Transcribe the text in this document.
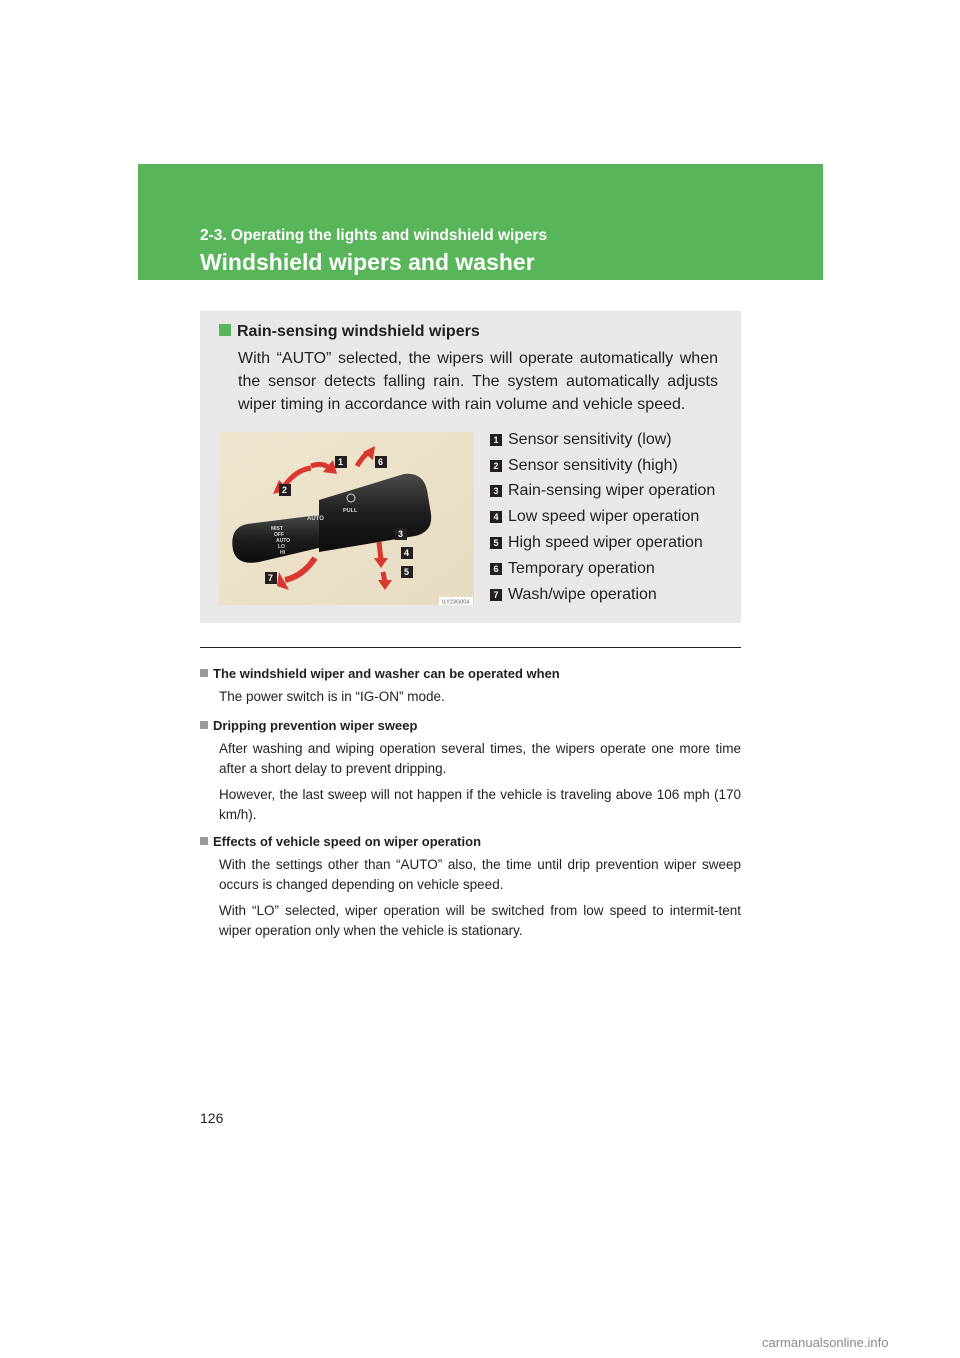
2-3. Operating the lights and windshield wipers
Windshield wipers and washer
Rain-sensing windshield wipers
With “AUTO” selected, the wipers will operate automatically when the sensor detects falling rain. The system automatically adjusts wiper timing in accordance with rain volume and vehicle speed.
MIST
OFF
AUTO
LO
HI
AUTO
PULL
1	6
2
3
4
5
7
ILY23G004
1 Sensor sensitivity (low)
2 Sensor sensitivity (high)
3 Rain-sensing wiper operation
4 Low speed wiper operation
5 High speed wiper operation
6 Temporary operation
7 Wash/wipe operation
The windshield wiper and washer can be operated when

The power switch is in “IG-ON” mode.

Dripping prevention wiper sweep

After washing and wiping operation several times, the wipers operate one more time after a short delay to prevent dripping.

However, the last sweep will not happen if the vehicle is traveling above 106 mph (170 km/h).

Effects of vehicle speed on wiper operation

With the settings other than “AUTO” also, the time until drip prevention wiper sweep occurs is changed depending on vehicle speed.

With “LO” selected, wiper operation will be switched from low speed to intermit-tent wiper operation only when the vehicle is stationary.

126
carmanualsonline.info
